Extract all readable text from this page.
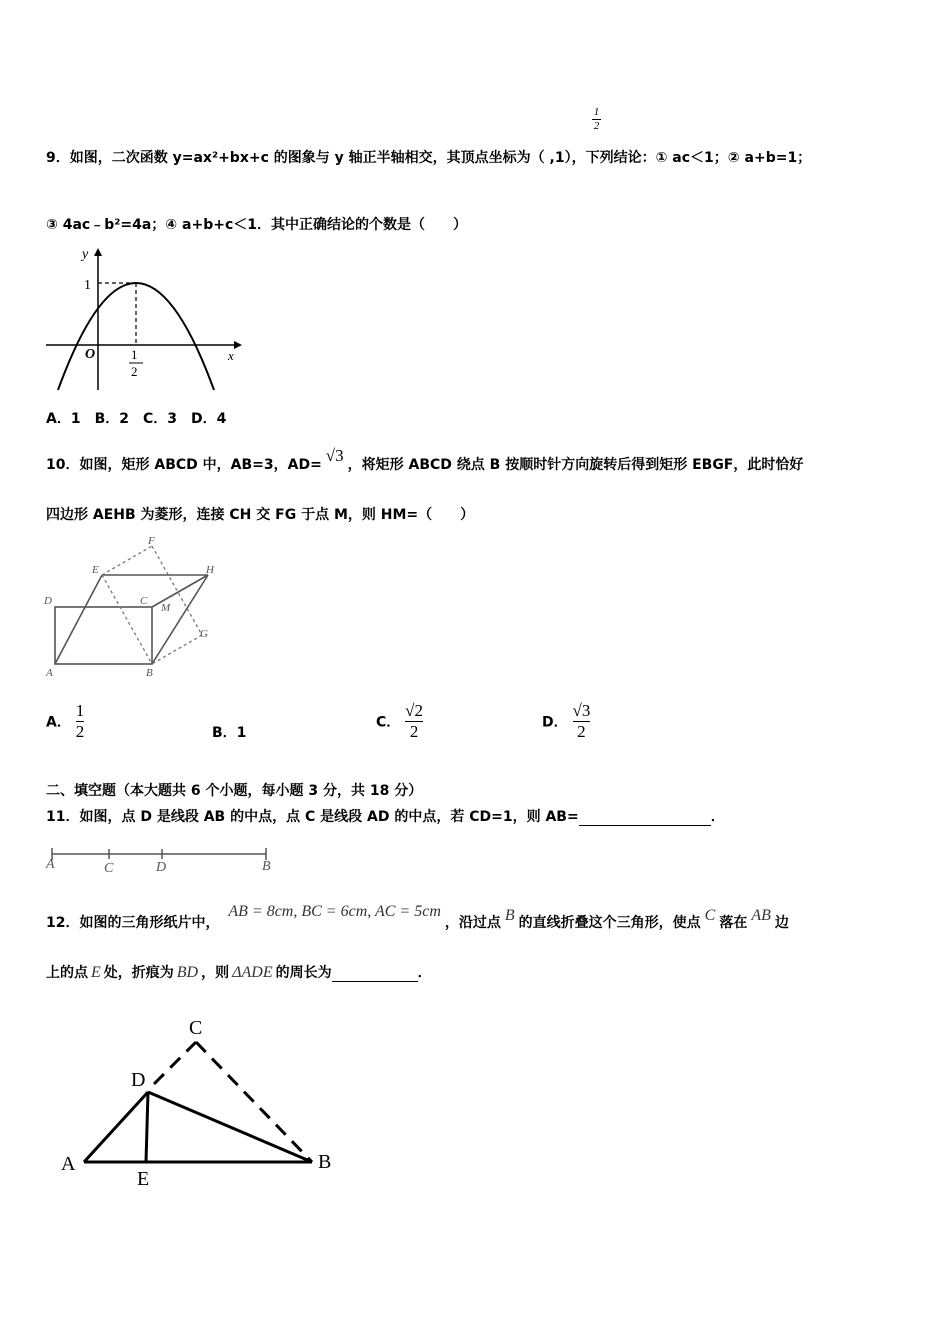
1
2
9．如图，二次函数 y=ax²+bx+c 的图象与 y 轴正半轴相交，其顶点坐标为（ ,1），下列结论：① ac＜1；② a+b=1；
③ 4ac﹣b²=4a；④ a+b+c＜1．其中正确结论的个数是（　　）
y
x
O
1
1
2
A．1　B．2　C．3　D．4
10．如图，矩形 ABCD 中，AB=3，AD= √3 ，将矩形 ABCD 绕点 B 按顺时针方向旋转后得到矩形 EBGF，此时恰好
四边形 AEHB 为菱形，连接 CH 交 FG 于点 M，则 HM=（　　）
F
E	H
D	C
M
G
A	B
A． $\frac{1}{2}$	B．1
C． $\frac{√2}{2}$	D． $\frac{√3}{2}$
二、填空题（本大题共 6 个小题，每小题 3 分，共 18 分）
11．如图，点 D 是线段 AB 的中点，点 C 是线段 AD 的中点，若 CD=1，则 AB=	．
A	C	D	B
12．如图的三角形纸片中， AB = 8cm, BC = 6cm, AC = 5cm，沿过点 B 的直线折叠这个三角形，使点 C 落在 AB 边
上的点 E 处，折痕为 BD ，则 ΔADE 的周长为	．
C
D
A
E
B
